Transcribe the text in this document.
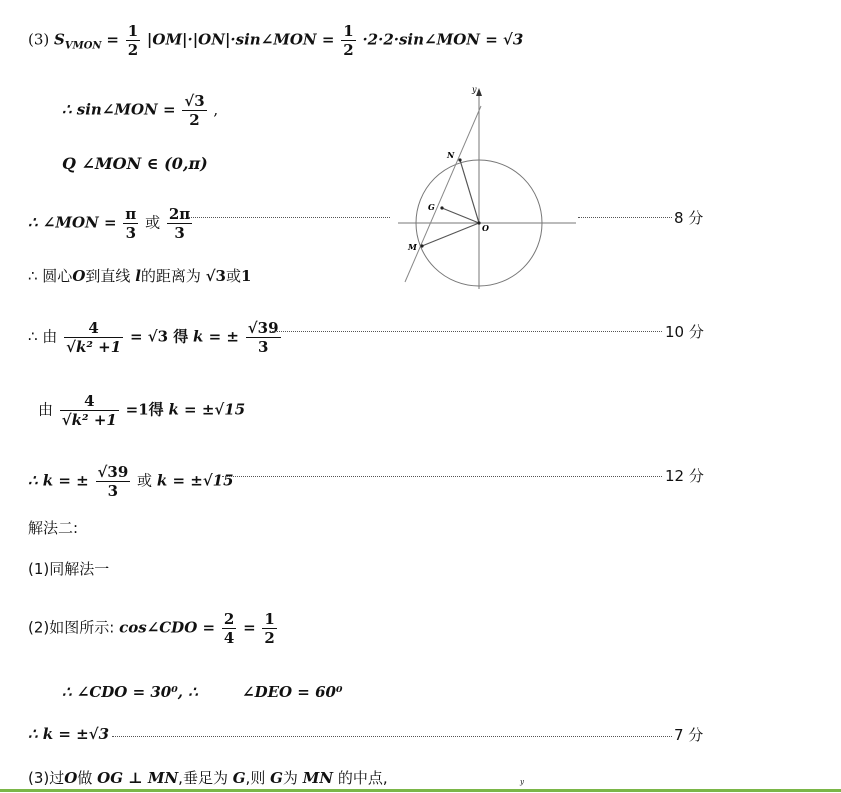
(3) $S_{VMON} = \frac{1}{2}$ |OM|·|ON|·sin∠MON = $\frac{1}{2}$ ·2·2·sin∠MON = √3
∴ sin∠MON = $\frac{√3}{2}$ ,
Q ∠MON ∈ (0,π)
∴ ∠MON = $\frac{\pi}{3}$ 或 $\frac{2\pi}{3}$	8 分
y
N
G
O
M
∴ 圆心O到直线 l的距离为 √3或1
∴ 由 $\frac{4}{\text{√k² +1}} = √3$ 得 k = ± $\frac{√39}{3}$	10 分
由 $\frac{4}{\text{√k² +1}} =1$得 k = ±√15
∴ k = ± $\frac{√39}{3}$ 或 k = ±√15	12 分
解法二:
(1)同解法一
(2)如图所示: cos∠CDO = $\frac{2}{4} = \frac{1}{2}$
∴ ∠CDO = 30⁰, ∴	∠DEO = 60⁰
∴ k = ±√3	7 分
(3)过O做 OG ⊥ MN,垂足为 G,则 G为 MN 的中点,	y
